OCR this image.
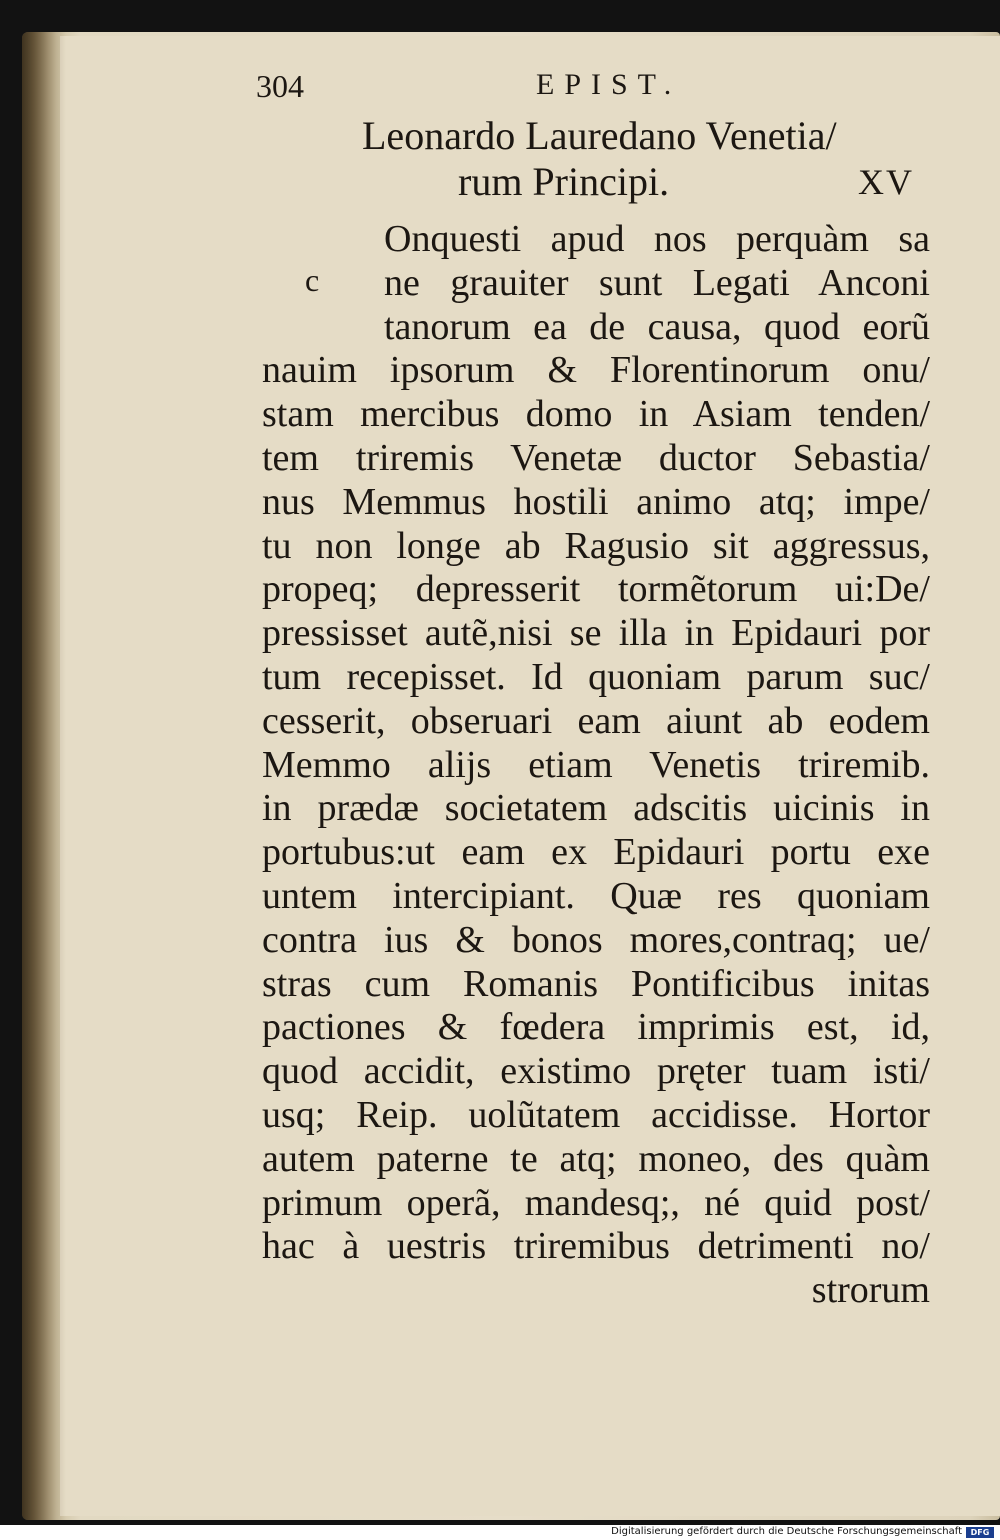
304	EPIST.
Leonardo Lauredano Venetia/
rum Principi.	XV
c
Onquesti apud nos perquàm sa
ne grauiter sunt Legati Anconi
tanorum ea de causa, quod eorũ
nauim ipsorum & Florentinorum onu/
stam mercibus domo in Asiam tenden/
tem triremis Venetæ ductor Sebastia/
nus Memmus hostili animo atq; impe/
tu non longe ab Ragusio sit aggressus,
propeq; depresserit tormẽtorum ui:De/
pressisset autẽ,nisi se illa in Epidauri por
tum recepisset. Id quoniam parum suc/
cesserit, obseruari eam aiunt ab eodem
Memmo alijs etiam Venetis triremib.
in prædæ societatem adscitis uicinis in
portubus:ut eam ex Epidauri portu exe
untem intercipiant. Quæ res quoniam
contra ius & bonos mores,contraq; ue/
stras cum Romanis Pontificibus initas
pactiones & fœdera imprimis est, id,
quod accidit, existimo pręter tuam isti/
usq; Reip. uolũtatem accidisse. Hortor
autem paterne te atq; moneo, des quàm
primum operã, mandesq;, né quid post/
hac à uestris triremibus detrimenti no/
strorum
Digitalisierung gefördert durch die Deutsche Forschungsgemeinschaft	DFG
